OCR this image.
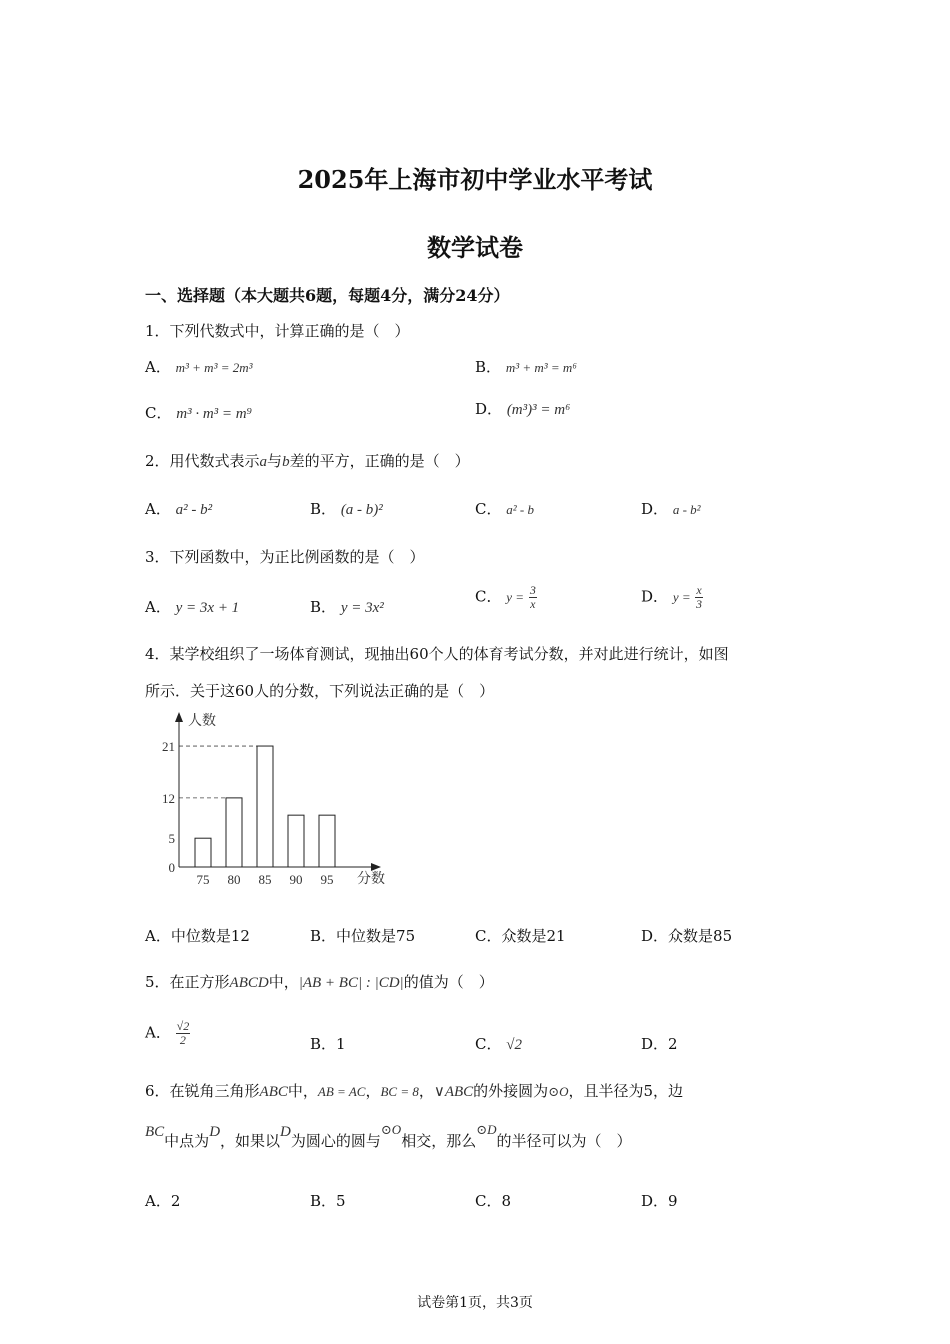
2025年上海市初中学业水平考试
数学试卷
一、选择题（本大题共6题，每题4分，满分24分）
1．下列代数式中，计算正确的是（　）
A． m³ + m³ = 2m³	B． m³ + m³ = m⁶
C． m³ · m³ = m⁹	D． (m³)³ = m⁶
2．用代数式表示a与b差的平方，正确的是（　）
A． a² - b²	B． (a - b)²	C． a² - b	D． a - b²
3．下列函数中，为正比例函数的是（　）
A． y = 3x + 1	B． y = 3x²
C． $y = \frac{3}{x}$	D． $y = \frac{x}{3}$
4．某学校组织了一场体育测试，现抽出60个人的体育考试分数，并对此进行统计，如图
所示．关于这60人的分数，下列说法正确的是（　）
人数
分数
75 80 85 90 95
0
5
12
21
A．中位数是12	B．中位数是75	C．众数是21	D．众数是85
5．在正方形ABCD中，|AB + BC| : |CD|的值为（　）
A． $\frac{√2}{2}$	B．1	C． √2	D．2
6．在锐角三角形ABC中，AB = AC，BC = 8，∨ABC的外接圆为⊙O，且半径为5，边
BC中点为D，如果以D为圆心的圆与⊙O相交，那么⊙D的半径可以为（　）
A．2	B．5	C．8	D．9
试卷第1页，共3页
